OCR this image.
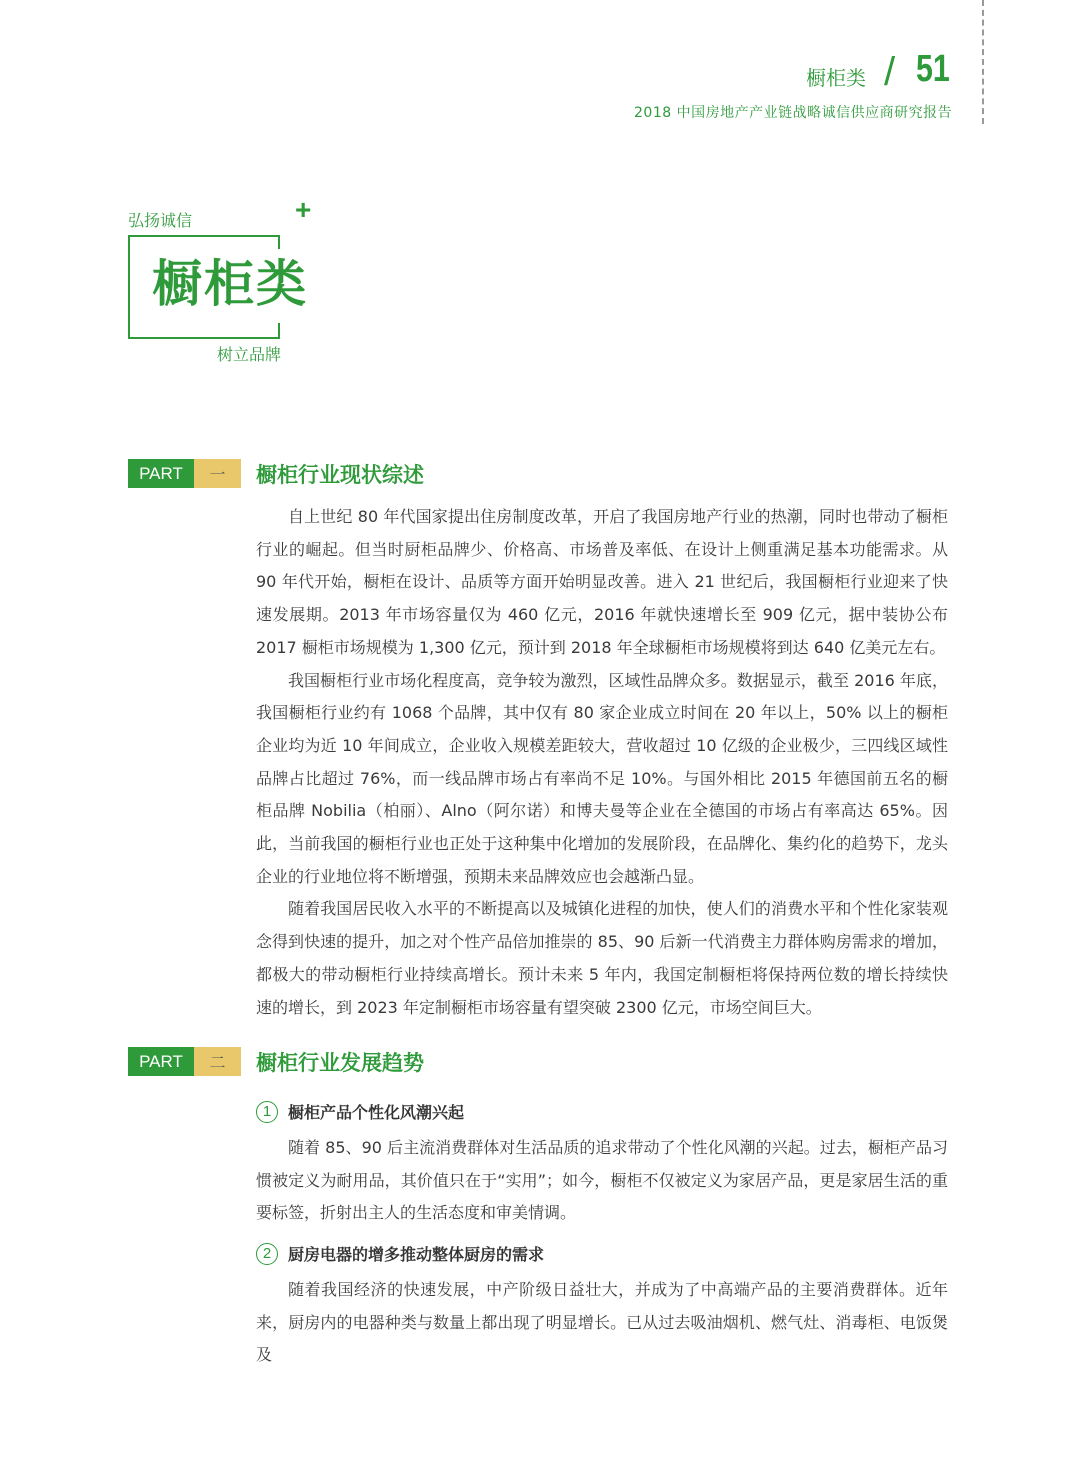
橱柜类 / 51
2018 中国房地产产业链战略诚信供应商研究报告
+
弘扬诚信
橱柜类
树立品牌
PART	一	橱柜行业现状综述

自上世纪 80 年代国家提出住房制度改革，开启了我国房地产行业的热潮，同时也带动了橱柜行业的崛起。但当时厨柜品牌少、价格高、市场普及率低、在设计上侧重满足基本功能需求。从 90 年代开始，橱柜在设计、品质等方面开始明显改善。进入 21 世纪后，我国橱柜行业迎来了快速发展期。2013 年市场容量仅为 460 亿元，2016 年就快速增长至 909 亿元，据中装协公布 2017 橱柜市场规模为 1,300 亿元，预计到 2018 年全球橱柜市场规模将到达 640 亿美元左右。

我国橱柜行业市场化程度高，竞争较为激烈，区域性品牌众多。数据显示，截至 2016 年底，我国橱柜行业约有 1068 个品牌，其中仅有 80 家企业成立时间在 20 年以上，50% 以上的橱柜企业均为近 10 年间成立，企业收入规模差距较大，营收超过 10 亿级的企业极少，三四线区域性品牌占比超过 76%，而一线品牌市场占有率尚不足 10%。与国外相比 2015 年德国前五名的橱柜品牌 Nobilia（柏丽）、Alno（阿尔诺）和博夫曼等企业在全德国的市场占有率高达 65%。因此，当前我国的橱柜行业也正处于这种集中化增加的发展阶段，在品牌化、集约化的趋势下，龙头企业的行业地位将不断增强，预期未来品牌效应也会越渐凸显。

随着我国居民收入水平的不断提高以及城镇化进程的加快，使人们的消费水平和个性化家装观念得到快速的提升，加之对个性产品倍加推崇的 85、90 后新一代消费主力群体购房需求的增加，都极大的带动橱柜行业持续高增长。预计未来 5 年内，我国定制橱柜将保持两位数的增长持续快速的增长，到 2023 年定制橱柜市场容量有望突破 2300 亿元，市场空间巨大。

PART	二	橱柜行业发展趋势
1	橱柜产品个性化风潮兴起

随着 85、90 后主流消费群体对生活品质的追求带动了个性化风潮的兴起。过去，橱柜产品习惯被定义为耐用品，其价值只在于“实用”；如今，橱柜不仅被定义为家居产品，更是家居生活的重要标签，折射出主人的生活态度和审美情调。

2	厨房电器的增多推动整体厨房的需求

随着我国经济的快速发展，中产阶级日益壮大，并成为了中高端产品的主要消费群体。近年来，厨房内的电器种类与数量上都出现了明显增长。已从过去吸油烟机、燃气灶、消毒柜、电饭煲及
